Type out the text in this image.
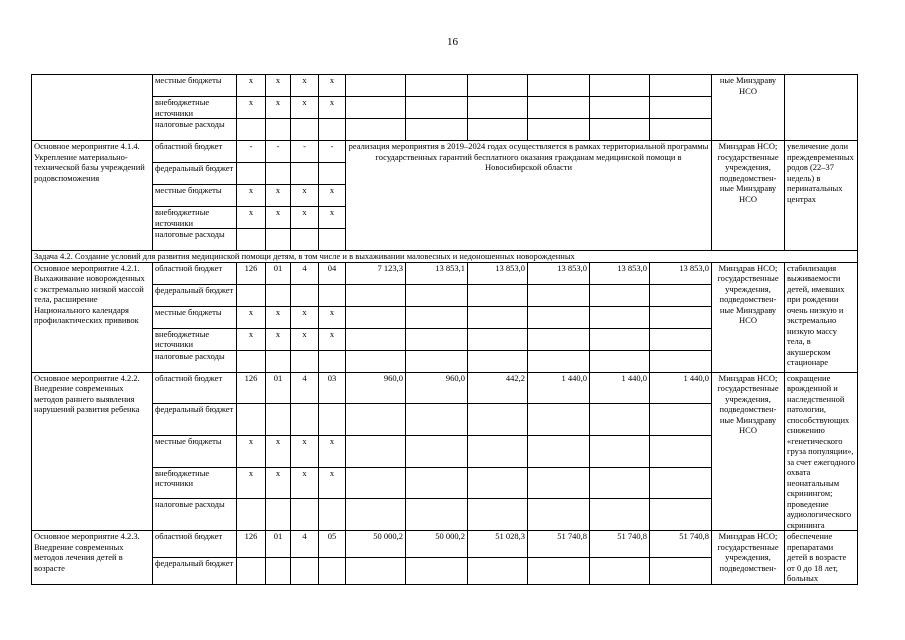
16
	местные бюджеты	х	х	х	х							ные Минздраву НСО	
	внебюджетные источники	х	х	х	х								
	налоговые расходы												
Основное мероприятие 4.1.4. Укрепление материально-технической базы учреждений родовспоможения	областной бюджет	-	-	-	-	реализация мероприятия в 2019–2024 годах осуществляется в рамках территориальной программы государственных гарантий бесплатного оказания гражданам медицинской помощи в Новосибирской области						Минздрав НСО; государственные учреждения, подведомствен-ные Минздраву НСО	увеличение доли преждевременных родов (22–37 недель) в перинатальных центрах
	федеральный бюджет												
	местные бюджеты	х	х	х	х								
	внебюджетные источники	х	х	х	х								
	налоговые расходы												
Задача 4.2. Создание условий для развития медицинской помощи детям, в том числе и в выхаживании маловесных и недоношенных новорожденных													
Основное мероприятие 4.2.1. Выхаживание новорожденных с экстремально низкой массой тела, расширение Национального календаря профилактических прививок	областной бюджет	126	01	4	04	7 123,3	13 853,1	13 853,0	13 853,0	13 853,0	13 853,0	Минздрав НСО; государственные учреждения, подведомствен-ные Минздраву НСО	стабилизация выживаемости детей, имевших при рождении очень низкую и экстремально низкую массу тела, в акушерском стационаре
	федеральный бюджет												
	местные бюджеты	х	х	х	х								
	внебюджетные источники	х	х	х	х								
	налоговые расходы												
Основное мероприятие 4.2.2. Внедрение современных методов раннего выявления нарушений развития ребенка	областной бюджет	126	01	4	03	960,0	960,0	442,2	1 440,0	1 440,0	1 440,0	Минздрав НСО; государственные учреждения, подведомствен-ные Минздраву НСО	сокращение врожденной и наследственной патологии, способствующих снижению «генетического груза популяции», за счет ежегодного охвата неонатальным скринингом; проведение аудиологического скрининга
	федеральный бюджет												
	местные бюджеты	х	х	х	х								
	внебюджетные источники	х	х	х	х								
	налоговые расходы												
Основное мероприятие 4.2.3. Внедрение современных методов лечения детей в возрасте	областной бюджет	126	01	4	05	50 000,2	50 000,2	51 028,3	51 740,8	51 740,8	51 740,8	Минздрав НСО; государственные учреждения, подведомствен-	обеспечение препаратами детей в возрасте от 0 до 18 лет, больных
	федеральный бюджет												
